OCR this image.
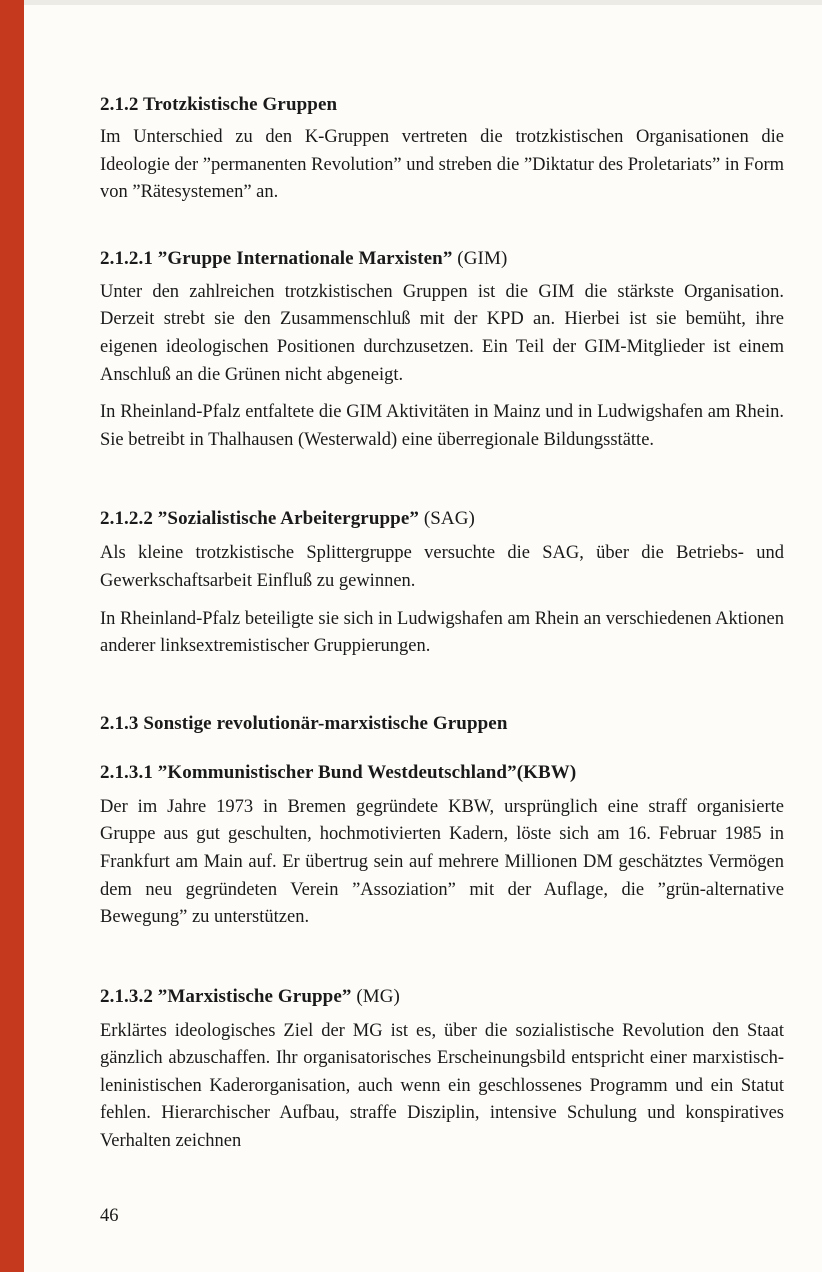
2.1.2 Trotzkistische Gruppen

Im Unterschied zu den K-Gruppen vertreten die trotzkistischen Organisationen die Ideologie der ”permanenten Revolution” und streben die ”Diktatur des Proletariats” in Form von ”Rätesystemen” an.

2.1.2.1 ”Gruppe Internationale Marxisten” (GIM)

Unter den zahlreichen trotzkistischen Gruppen ist die GIM die stärkste Organisation. Derzeit strebt sie den Zusammenschluß mit der KPD an. Hierbei ist sie bemüht, ihre eigenen ideologischen Positionen durchzusetzen. Ein Teil der GIM-Mitglieder ist einem Anschluß an die Grünen nicht abgeneigt.

In Rheinland-Pfalz entfaltete die GIM Aktivitäten in Mainz und in Ludwigshafen am Rhein. Sie betreibt in Thalhausen (Westerwald) eine überregionale Bildungsstätte.

2.1.2.2 ”Sozialistische Arbeitergruppe” (SAG)

Als kleine trotzkistische Splittergruppe versuchte die SAG, über die Betriebs- und Gewerkschaftsarbeit Einfluß zu gewinnen.

In Rheinland-Pfalz beteiligte sie sich in Ludwigshafen am Rhein an verschiedenen Aktionen anderer linksextremistischer Gruppierungen.

2.1.3 Sonstige revolutionär-marxistische Gruppen
2.1.3.1 ”Kommunistischer Bund Westdeutschland”(KBW)

Der im Jahre 1973 in Bremen gegründete KBW, ursprünglich eine straff organisierte Gruppe aus gut geschulten, hochmotivierten Kadern, löste sich am 16. Februar 1985 in Frankfurt am Main auf. Er übertrug sein auf mehrere Millionen DM geschätztes Vermögen dem neu gegründeten Verein ”Assoziation” mit der Auflage, die ”grün-alternative Bewegung” zu unterstützen.

2.1.3.2 ”Marxistische Gruppe” (MG)

Erklärtes ideologisches Ziel der MG ist es, über die sozialistische Revolution den Staat gänzlich abzuschaffen. Ihr organisatorisches Erscheinungsbild entspricht einer marxistisch-leninistischen Kaderorganisation, auch wenn ein geschlossenes Programm und ein Statut fehlen. Hierarchischer Aufbau, straffe Disziplin, intensive Schulung und konspiratives Verhalten zeichnen

46
